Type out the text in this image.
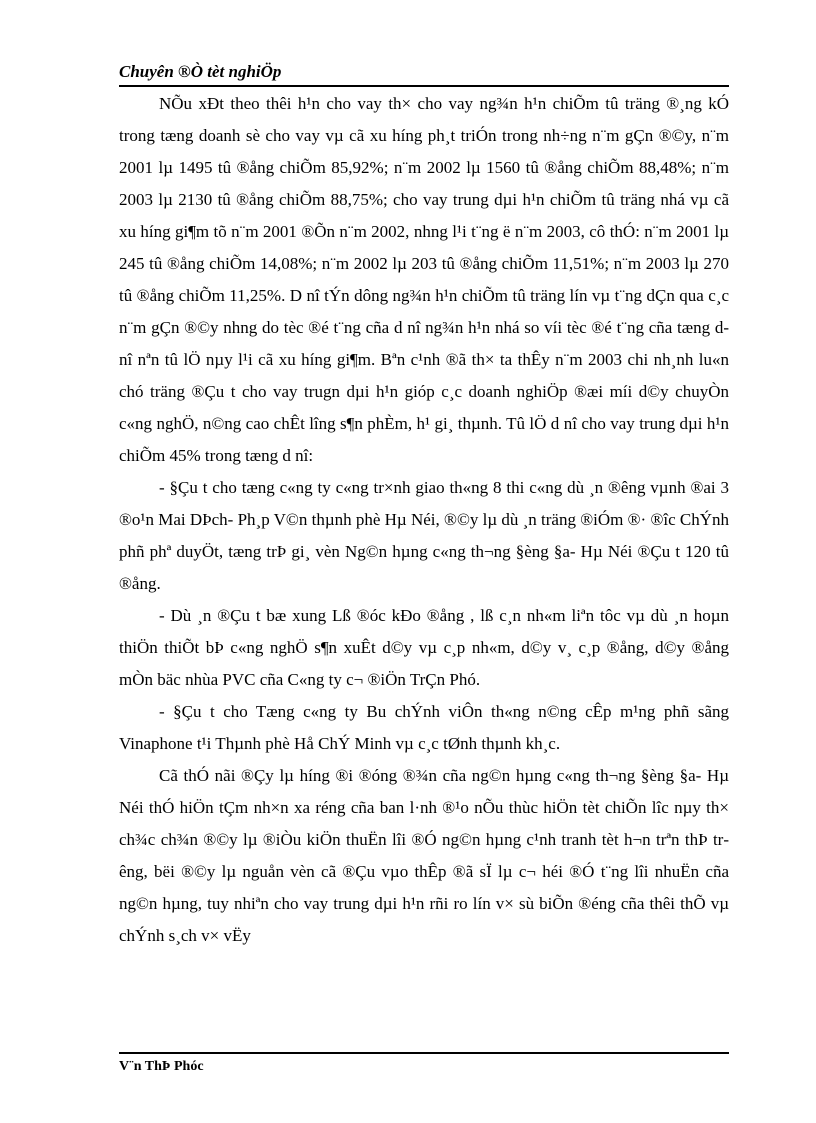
Chuyên ®Ò tèt nghiÖp

NÕu xÐt theo thêi h¹n cho vay th× cho vay ng¾n h¹n chiÕm tû träng ®¸ng kÓ trong tæng doanh sè cho vay vµ cã xu híng ph¸t triÓn trong nh÷ng n¨m gÇn ®©y, n¨m 2001 lµ 1495 tû ®ång chiÕm 85,92%; n¨m 2002 lµ 1560 tû ®ång chiÕm 88,48%; n¨m 2003 lµ 2130 tû ®ång chiÕm 88,75%; cho vay trung dµi h¹n chiÕm tû träng nhá vµ cã xu híng gi¶m tõ n¨m 2001 ®Õn n¨m 2002, nhng l¹i t¨ng ë n¨m 2003, cô thÓ: n¨m 2001 lµ 245 tû ®ång chiÕm 14,08%; n¨m 2002 lµ 203 tû ®ång chiÕm 11,51%; n¨m 2003 lµ 270 tû ®ång chiÕm 11,25%. D nî tÝn dông ng¾n h¹n chiÕm tû träng lín vµ t¨ng dÇn qua c¸c n¨m gÇn ®©y nhng do tèc ®é t¨ng cña d nî ng¾n h¹n nhá so víi tèc ®é t¨ng cña tæng d nî nªn tû lÖ nµy l¹i cã xu híng gi¶m. Bªn c¹nh ®ã th× ta thÊy n¨m 2003 chi nh¸nh lu«n chó träng ®Çu t cho vay trugn dµi h¹n gióp c¸c doanh nghiÖp ®æi míi d©y chuyÒn c«ng nghÖ, n©ng cao chÊt lîng s¶n phÈm, h¹ gi¸ thµnh. Tû lÖ d nî cho vay trung dµi h¹n chiÕm 45% trong tæng d nî:

- §Çu t cho tæng c«ng ty c«ng tr×nh giao th«ng 8 thi c«ng dù ¸n ®êng vµnh ®ai 3 ®o¹n Mai DÞch- Ph¸p V©n thµnh phè Hµ Néi, ®©y lµ dù ¸n träng ®iÓm ®· ®îc ChÝnh phñ phª duyÖt, tæng trÞ gi¸ vèn Ng©n hµng c«ng th¬ng §èng §a- Hµ Néi ®Çu t 120 tû ®ång.

- Dù ¸n ®Çu t bæ xung Lß ®óc kÐo ®ång , lß c¸n nh«m liªn tôc vµ dù ¸n hoµn thiÖn thiÕt bÞ c«ng nghÖ s¶n xuÊt d©y vµ c¸p nh«m, d©y v¸ c¸p ®ång, d©y ®ång mÒn bäc nhùa PVC cña C«ng ty c¬ ®iÖn TrÇn Phó.

- §Çu t cho Tæng c«ng ty Bu chÝnh viÔn th«ng n©ng cÊp m¹ng phñ sãng Vinaphone t¹i Thµnh phè Hå ChÝ Minh vµ c¸c tØnh thµnh kh¸c.

Cã thÓ nãi ®Çy lµ híng ®i ®óng ®¾n cña ng©n hµng c«ng th¬ng §èng §a- Hµ Néi thÓ hiÖn tÇm nh×n xa réng cña ban l·nh ®¹o nÕu thùc hiÖn tèt chiÕn lîc nµy th× ch¾c ch¾n ®©y lµ ®iÒu kiÖn thuËn lîi ®Ó ng©n hµng c¹nh tranh tèt h¬n trªn thÞ trêng, bëi ®©y lµ nguån vèn cã ®Çu vµo thÊp ®ã sÏ lµ c¬ héi ®Ó t¨ng lîi nhuËn cña ng©n hµng, tuy nhiªn cho vay trung dµi h¹n rñi ro lín v× sù biÕn ®éng cña thêi thÕ vµ chÝnh s¸ch v× vËy

V¨n ThÞ Phóc
